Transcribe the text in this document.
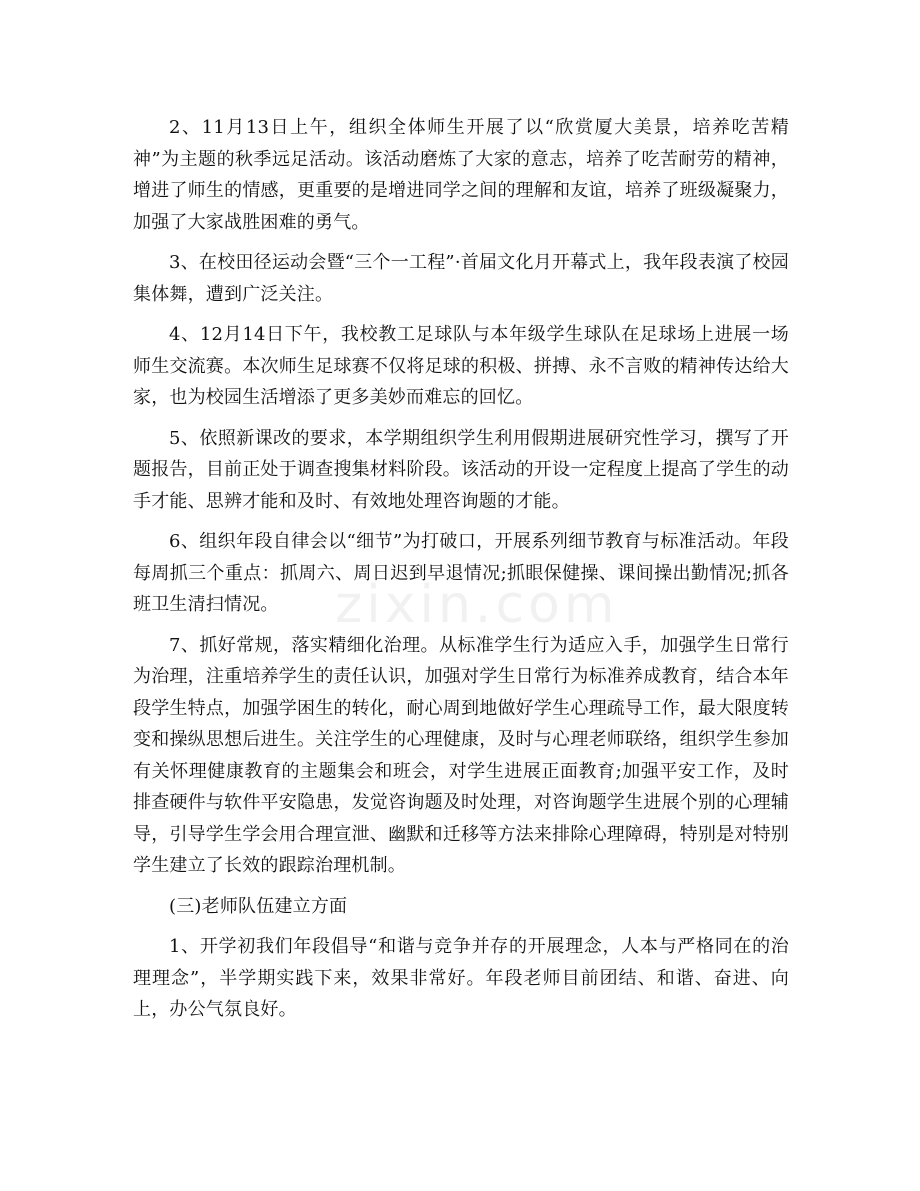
zixin.com

2、11月13日上午，组织全体师生开展了以“欣赏厦大美景，培养吃苦精神”为主题的秋季远足活动。该活动磨炼了大家的意志，培养了吃苦耐劳的精神，增进了师生的情感，更重要的是增进同学之间的理解和友谊，培养了班级凝聚力，加强了大家战胜困难的勇气。

3、在校田径运动会暨“三个一工程”·首届文化月开幕式上，我年段表演了校园集体舞，遭到广泛关注。

4、12月14日下午，我校教工足球队与本年级学生球队在足球场上进展一场师生交流赛。本次师生足球赛不仅将足球的积极、拼搏、永不言败的精神传达给大家，也为校园生活增添了更多美妙而难忘的回忆。

5、依照新课改的要求，本学期组织学生利用假期进展研究性学习，撰写了开题报告，目前正处于调查搜集材料阶段。该活动的开设一定程度上提高了学生的动手才能、思辨才能和及时、有效地处理咨询题的才能。

6、组织年段自律会以“细节”为打破口，开展系列细节教育与标准活动。年段每周抓三个重点：抓周六、周日迟到早退情况;抓眼保健操、课间操出勤情况;抓各班卫生清扫情况。

7、抓好常规，落实精细化治理。从标准学生行为适应入手，加强学生日常行为治理，注重培养学生的责任认识，加强对学生日常行为标准养成教育，结合本年段学生特点，加强学困生的转化，耐心周到地做好学生心理疏导工作，最大限度转变和操纵思想后进生。关注学生的心理健康，及时与心理老师联络，组织学生参加有关怀理健康教育的主题集会和班会，对学生进展正面教育;加强平安工作，及时排查硬件与软件平安隐患，发觉咨询题及时处理，对咨询题学生进展个别的心理辅导，引导学生学会用合理宣泄、幽默和迁移等方法来排除心理障碍，特别是对特别学生建立了长效的跟踪治理机制。

(三)老师队伍建立方面

1、开学初我们年段倡导“和谐与竞争并存的开展理念，人本与严格同在的治理理念”，半学期实践下来，效果非常好。年段老师目前团结、和谐、奋进、向上，办公气氛良好。
